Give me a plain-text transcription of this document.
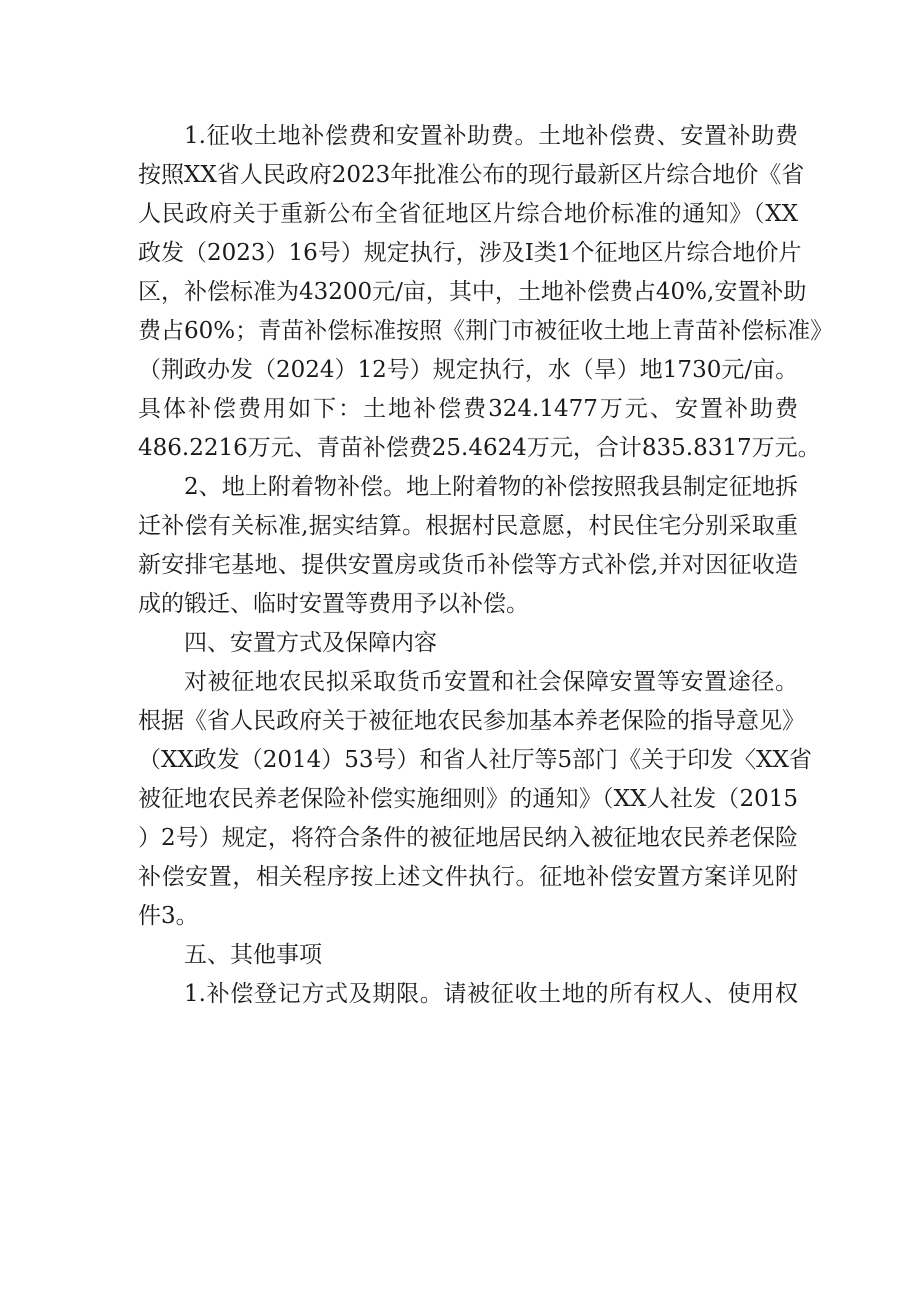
1.征收土地补偿费和安置补助费。土地补偿费、安置补助费
按照XX省人民政府2023年批准公布的现行最新区片综合地价《省
人民政府关于重新公布全省征地区片综合地价标准的通知》（XX
政发（2023）16号）规定执行，涉及I类1个征地区片综合地价片
区，补偿标准为43200元/亩，其中，土地补偿费占40%,安置补助
费占60%；青苗补偿标准按照《荆门市被征收土地上青苗补偿标准》
（荆政办发（2024）12号）规定执行，水（旱）地1730元/亩。
具体补偿费用如下：土地补偿费324.1477万元、安置补助费
486.2216万元、青苗补偿费25.4624万元，合计835.8317万元。
2、地上附着物补偿。地上附着物的补偿按照我县制定征地拆
迁补偿有关标准,据实结算。根据村民意愿，村民住宅分别采取重
新安排宅基地、提供安置房或货币补偿等方式补偿,并对因征收造
成的锻迁、临时安置等费用予以补偿。
四、安置方式及保障内容
对被征地农民拟采取货币安置和社会保障安置等安置途径。
根据《省人民政府关于被征地农民参加基本养老保险的指导意见》
（XX政发（2014）53号）和省人社厅等5部门《关于印发〈XX省
被征地农民养老保险补偿实施细则》的通知》（XX人社发（2015
）2号）规定，将符合条件的被征地居民纳入被征地农民养老保险
补偿安置，相关程序按上述文件执行。征地补偿安置方案详见附
件3。
五、其他事项
1.补偿登记方式及期限。请被征收土地的所有权人、使用权
